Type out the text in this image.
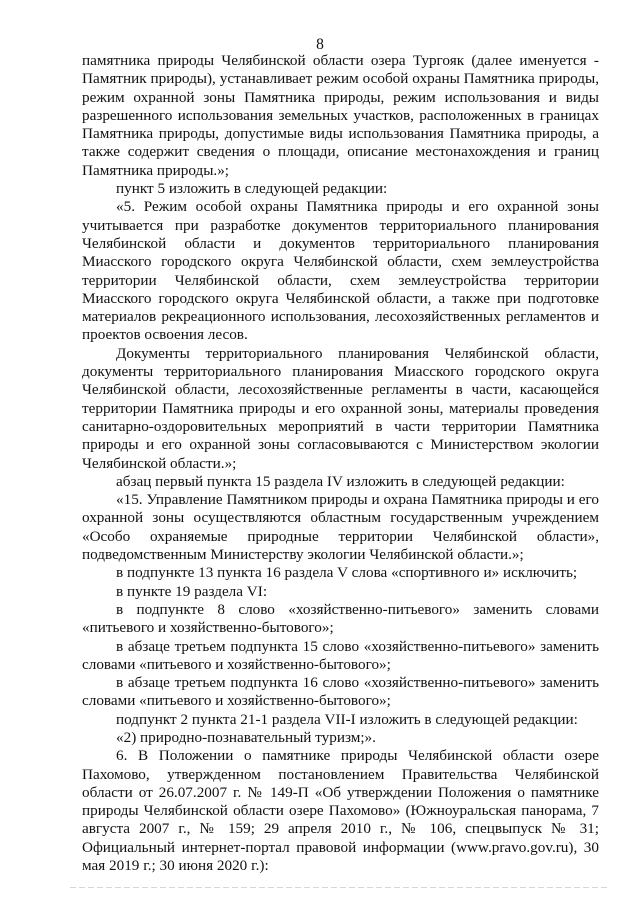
8

памятника природы Челябинской области озера Тургояк (далее именуется - Памятник природы), устанавливает режим особой охраны Памятника природы, режим охранной зоны Памятника природы, режим использования и виды разрешенного использования земельных участков, расположенных в границах Памятника природы, допустимые виды использования Памятника природы, а также содержит сведения о площади, описание местонахождения и границ Памятника природы.»;

пункт 5 изложить в следующей редакции:

«5. Режим особой охраны Памятника природы и его охранной зоны учитывается при разработке документов территориального планирования Челябинской области и документов территориального планирования Миасского городского округа Челябинской области, схем землеустройства территории Челябинской области, схем землеустройства территории Миасского городского округа Челябинской области, а также при подготовке материалов рекреационного использования, лесохозяйственных регламентов и проектов освоения лесов.

Документы территориального планирования Челябинской области, документы территориального планирования Миасского городского округа Челябинской области, лесохозяйственные регламенты в части, касающейся территории Памятника природы и его охранной зоны, материалы проведения санитарно-оздоровительных мероприятий в части территории Памятника природы и его охранной зоны согласовываются с Министерством экологии Челябинской области.»;

абзац первый пункта 15 раздела IV изложить в следующей редакции:

«15. Управление Памятником природы и охрана Памятника природы и его охранной зоны осуществляются областным государственным учреждением «Особо охраняемые природные территории Челябинской области», подведомственным Министерству экологии Челябинской области.»;

в подпункте 13 пункта 16 раздела V слова «спортивного и» исключить;

в пункте 19 раздела VI:

в подпункте 8 слово «хозяйственно-питьевого» заменить словами «питьевого и хозяйственно-бытового»;

в абзаце третьем подпункта 15 слово «хозяйственно-питьевого» заменить словами «питьевого и хозяйственно-бытового»;

в абзаце третьем подпункта 16 слово «хозяйственно-питьевого» заменить словами «питьевого и хозяйственно-бытового»;

подпункт 2 пункта 21-1 раздела VII-I изложить в следующей редакции:

«2) природно-познавательный туризм;».

6. В Положении о памятнике природы Челябинской области озере Пахомово, утвержденном постановлением Правительства Челябинской области от 26.07.2007 г. № 149-П «Об утверждении Положения о памятнике природы Челябинской области озере Пахомово» (Южноуральская панорама, 7 августа 2007 г., № 159; 29 апреля 2010 г., № 106, спецвыпуск № 31; Официальный интернет-портал правовой информации (www.pravo.gov.ru), 30 мая 2019 г.; 30 июня 2020 г.):
